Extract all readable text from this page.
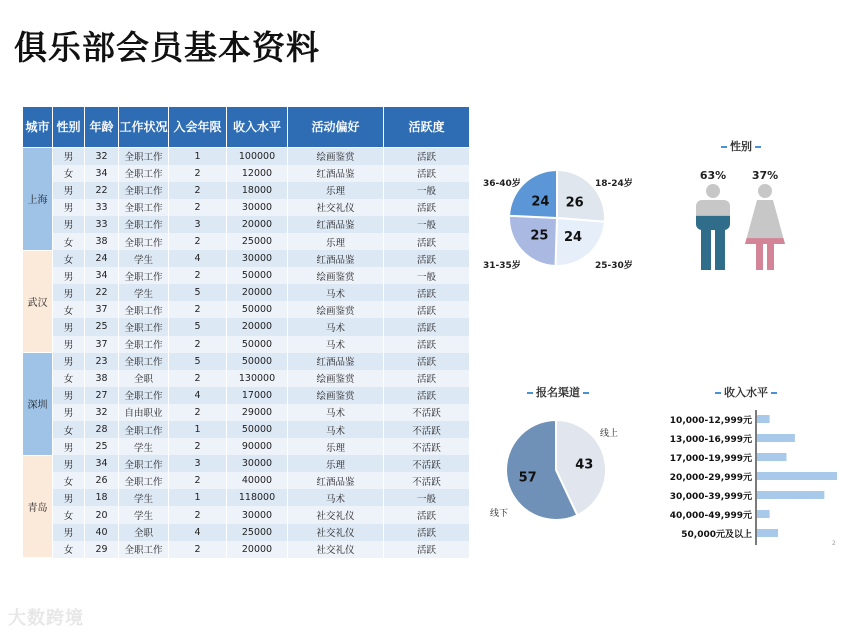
俱乐部会员基本资料
城市	性别	年龄	工作状况	入会年限	收入水平	活动偏好	活跃度
上海	男	32	全职工作	1	100000	绘画鉴赏	活跃
	女	34	全职工作	2	12000	红酒品鉴	活跃
	男	22	全职工作	2	18000	乐理	一般
	男	33	全职工作	2	30000	社交礼仪	活跃
	男	33	全职工作	3	20000	红酒品鉴	一般
	女	38	全职工作	2	25000	乐理	活跃
武汉	女	24	学生	4	30000	红酒品鉴	活跃
	男	34	全职工作	2	50000	绘画鉴赏	一般
	男	22	学生	5	20000	马术	活跃
	女	37	全职工作	2	50000	绘画鉴赏	活跃
	男	25	全职工作	5	20000	马术	活跃
	男	37	全职工作	2	50000	马术	活跃
深圳	男	23	全职工作	5	50000	红酒品鉴	活跃
	女	38	全职	2	130000	绘画鉴赏	活跃
	男	27	全职工作	4	17000	绘画鉴赏	活跃
	男	32	自由职业	2	29000	马术	不活跃
	女	28	全职工作	1	50000	马术	不活跃
	男	25	学生	2	90000	乐理	不活跃
青岛	男	34	全职工作	3	30000	乐理	不活跃
	女	26	全职工作	2	40000	红酒品鉴	不活跃
	男	18	学生	1	118000	马术	一般
	女	20	学生	2	30000	社交礼仪	活跃
	男	40	全职	4	25000	社交礼仪	活跃
	女	29	全职工作	2	20000	社交礼仪	活跃
26
18-24岁
24
25-30岁
25
31-35岁
24
36-40岁
性别
63% 37%
报名渠道
43
线上
57
线下
收入水平
10,000-12,999元
13,000-16,999元
17,000-19,999元
20,000-29,999元
30,000-39,999元
40,000-49,999元
50,000元及以上
大数跨境
2
